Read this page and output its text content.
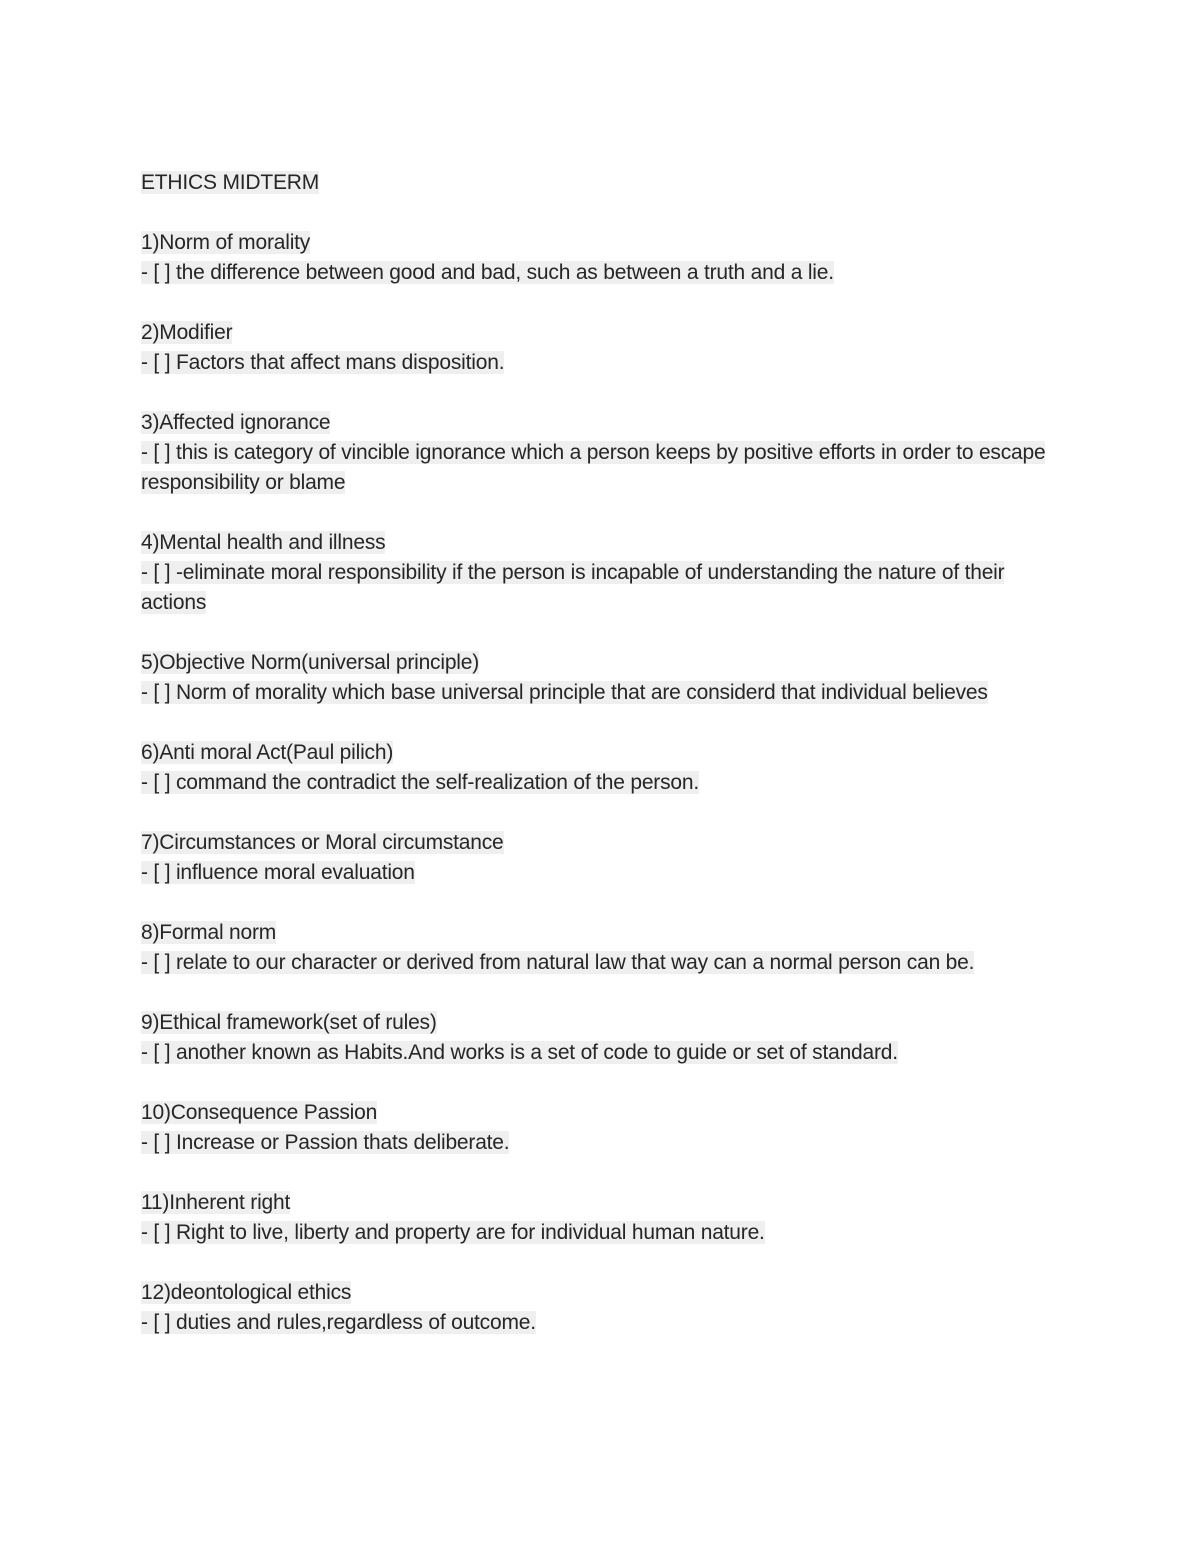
ETHICS MIDTERM
1)Norm of morality
- [ ] the difference between good and bad, such as between a truth and a lie.
2)Modifier
- [ ] Factors that affect mans disposition.
3)Affected ignorance
- [ ] this is category of vincible ignorance which a person keeps by positive efforts in order to escape responsibility or blame
4)Mental health and illness
- [ ] -eliminate moral responsibility if the person is incapable of understanding the nature of their actions
5)Objective Norm(universal principle)
- [ ] Norm of morality which base universal principle that are considerd that individual believes
6)Anti moral Act(Paul pilich)
- [ ] command the contradict the self-realization of the person.
7)Circumstances or Moral circumstance
- [ ] influence moral evaluation
8)Formal norm
- [ ] relate to our character or derived from natural law that way can a normal person can be.
9)Ethical framework(set of rules)
- [ ] another known as Habits.And works is a set of code to guide or set of standard.
10)Consequence Passion
- [ ] Increase or Passion thats deliberate.
11)Inherent right
- [ ] Right to live, liberty and property are for individual human nature.
12)deontological ethics
- [ ] duties and rules,regardless of outcome.
